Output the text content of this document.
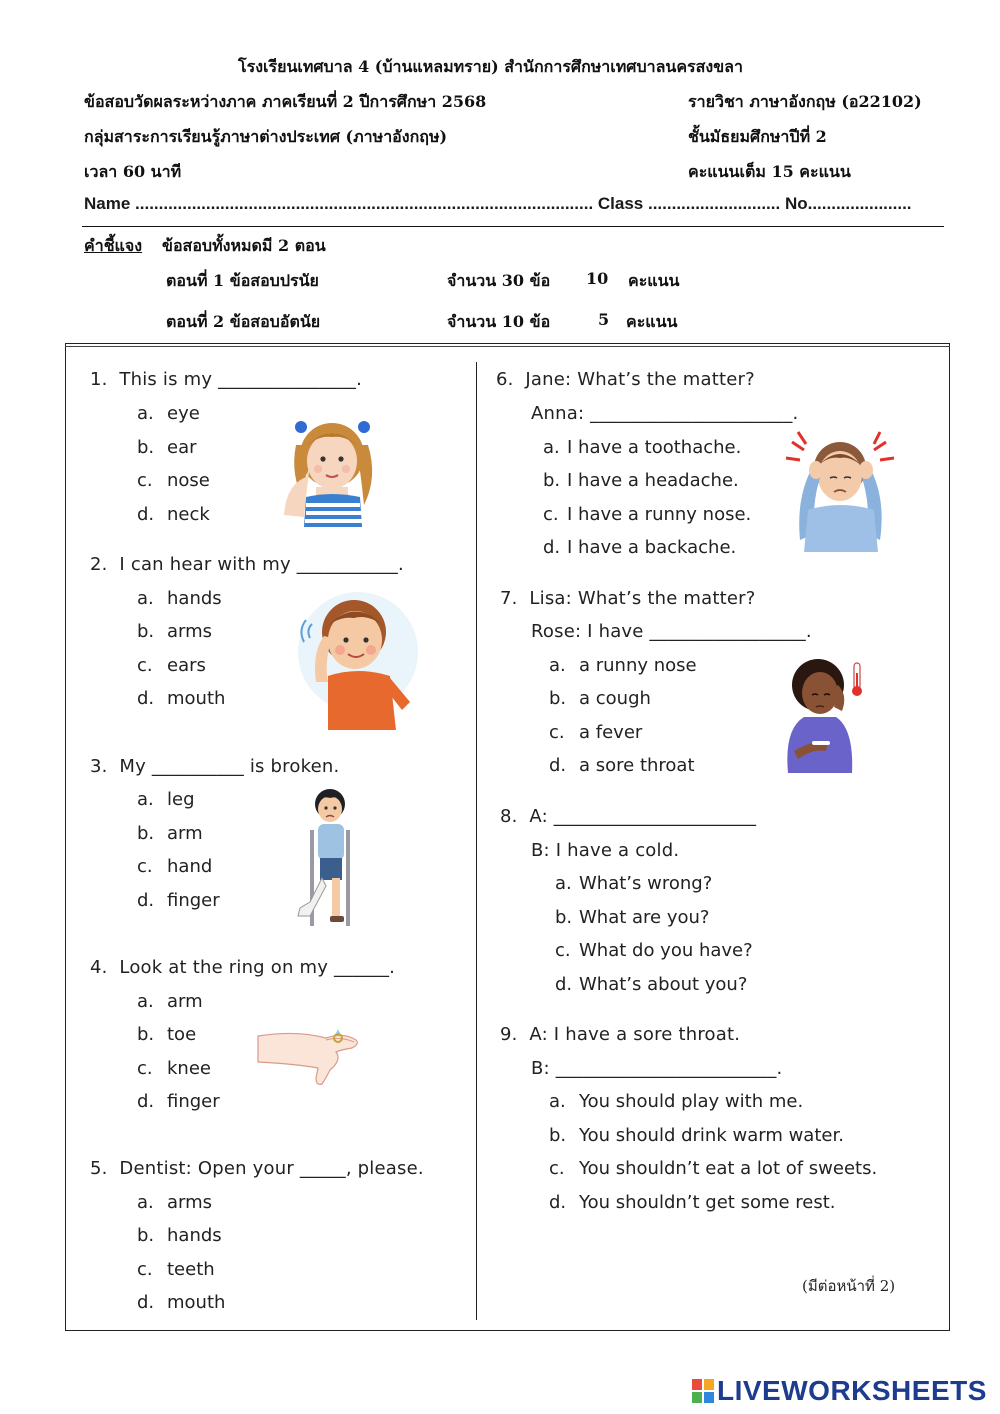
โรงเรียนเทศบาล 4 (บ้านแหลมทราย) สำนักการศึกษาเทศบาลนครสงขลา
ข้อสอบวัดผลระหว่างภาค ภาคเรียนที่ 2 ปีการศึกษา 2568	รายวิชา ภาษาอังกฤษ (อ22102)
กลุ่มสาระการเรียนรู้ภาษาต่างประเทศ (ภาษาอังกฤษ)	ชั้นมัธยมศึกษาปีที่ 2
เวลา 60 นาที	คะแนนเต็ม 15 คะแนน
Name ................................................................................................. Class ............................ No......................
คำชี้แจง ข้อสอบทั้งหมดมี 2 ตอน
ตอนที่ 1 ข้อสอบปรนัย	จำนวน 30 ข้อ 10 คะแนน
ตอนที่ 2 ข้อสอบอัตนัย	จำนวน 10 ข้อ	5 คะแนน
1. This is my _______________.
a. eye
b. ear
c. nose
d. neck
2. I can hear with my ___________.
a. hands
b. arms
c. ears
d. mouth
3. My __________ is broken.
a. leg
b. arm
c. hand
d. finger
4. Look at the ring on my ______.
a. arm
b. toe
c. knee
d. finger
5. Dentist: Open your _____, please.
a. arms
b. hands
c. teeth
d. mouth
6. Jane: What’s the matter?
Anna: ______________________.
a. I have a toothache.
b. I have a headache.
c. I have a runny nose.
d. I have a backache.
7. Lisa: What’s the matter?
Rose: I have _________________.
a. a runny nose
b. a cough
c. a fever
d. a sore throat
8. A: ______________________
B: I have a cold.
a. What’s wrong?
b. What are you?
c. What do you have?
d. What’s about you?
9. A: I have a sore throat.
B: ________________________.
a. You should play with me.
b. You should drink warm water.
c. You shouldn’t eat a lot of sweets.
d. You shouldn’t get some rest.
(มีต่อหน้าที่ 2)
LIVEWORKSHEETS
